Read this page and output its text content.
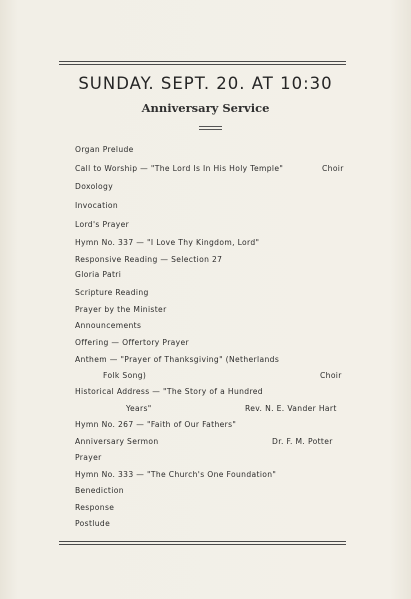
SUNDAY. SEPT. 20. AT 10:30
Anniversary Service
Organ Prelude
Call to Worship — "The Lord Is In His Holy Temple"	Choir
Doxology
Invocation
Lord's Prayer
Hymn No. 337 — "I Love Thy Kingdom, Lord"
Responsive Reading — Selection 27
Gloria Patri
Scripture Reading
Prayer by the Minister
Announcements
Offering — Offertory Prayer
Anthem — "Prayer of Thanksgiving" (Netherlands
Folk Song)	Choir
Historical Address — "The Story of a Hundred
Years"	Rev. N. E. Vander Hart
Hymn No. 267 — "Faith of Our Fathers"
Anniversary Sermon	Dr. F. M. Potter
Prayer
Hymn No. 333 — "The Church's One Foundation"
Benediction
Response
Postlude
